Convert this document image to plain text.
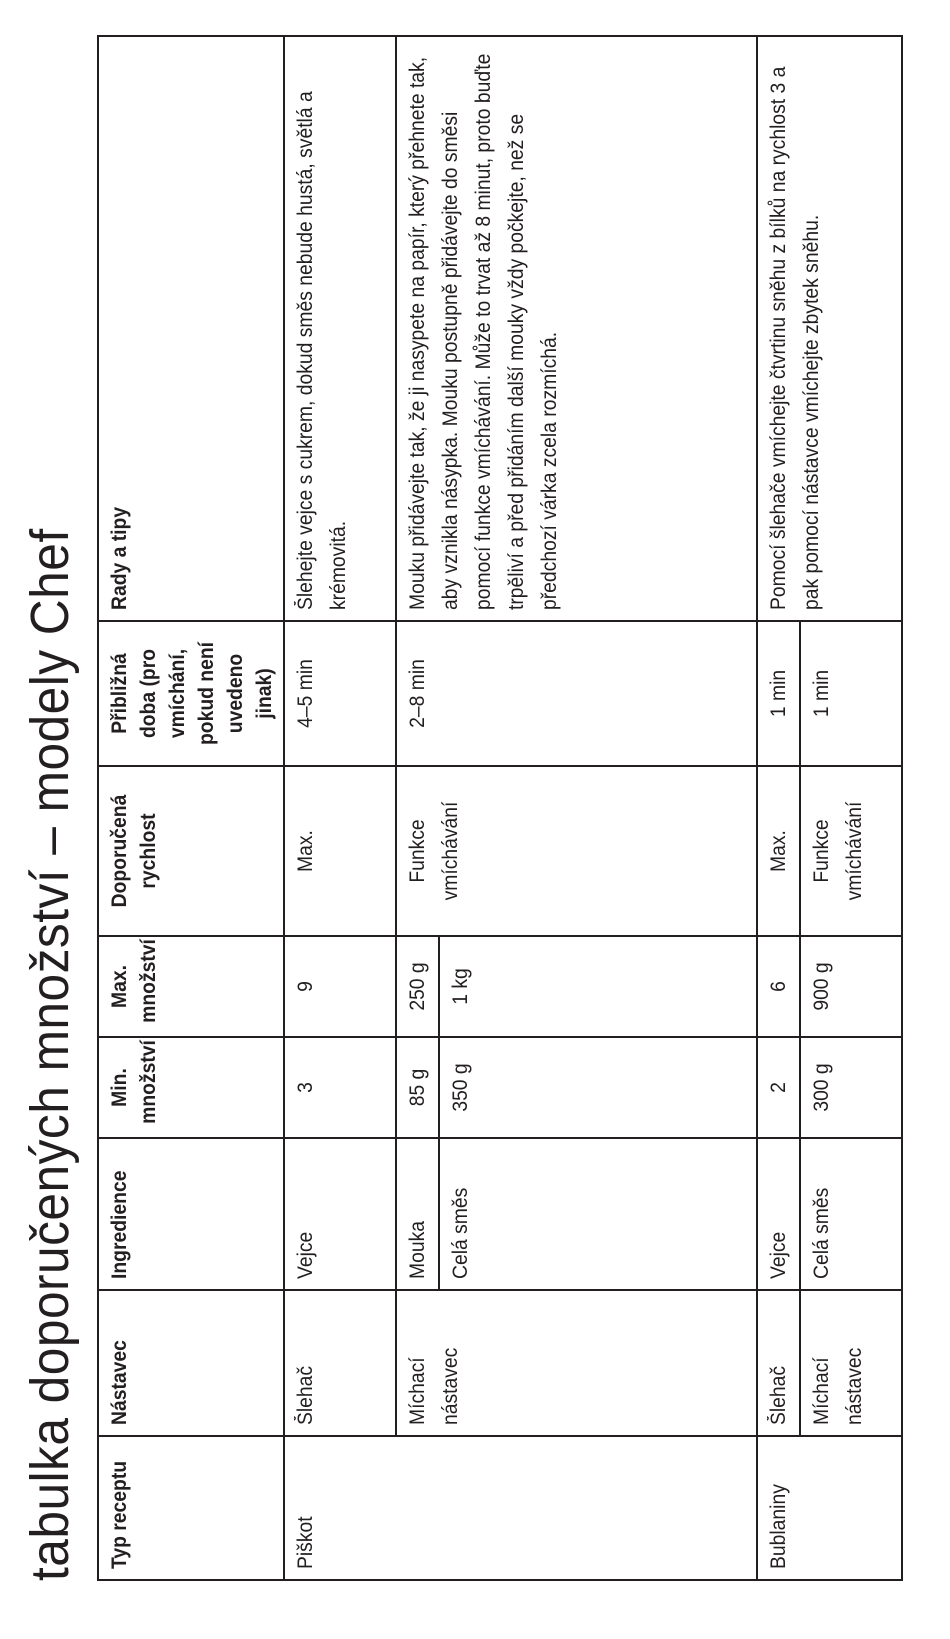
tabulka doporučených množství – modely Chef Typ receptu	Nástavec	Ingredience	Min. množství	Max. množství	Doporučená rychlost	Přibližná doba (pro vmíchání, pokud není uvedeno jinak)	Rady a tipy

Piškot	Šlehač	Vejce	3	9	Max.	4–5 min	Šlehejte vejce s cukrem, dokud směs nebude hustá, světlá a krémovitá.

	Míchací nástavec	Mouka	85 g	250 g	Funkce vmíchávání	2–8 min	Mouku přidávejte tak, že ji nasypete na papír, který přehnete tak, aby vznikla násypka. Mouku postupně přidávejte do směsi pomocí funkce vmíchávání. Může to trvat až 8 minut, proto buďte trpěliví a před přidáním další mouky vždy počkejte, než se předchozí várka zcela rozmíchá.

		Celá směs	350 g	1 kg			

Bublaniny	Šlehač	Vejce	2	6	Max.	1 min	Pomocí šlehače vmíchejte čtvrtinu sněhu z bílků na rychlost 3 a pak pomocí nástavce vmíchejte zbytek sněhu.

	Míchací nástavec	Celá směs	300 g	900 g	Funkce vmíchávání	1 min	
